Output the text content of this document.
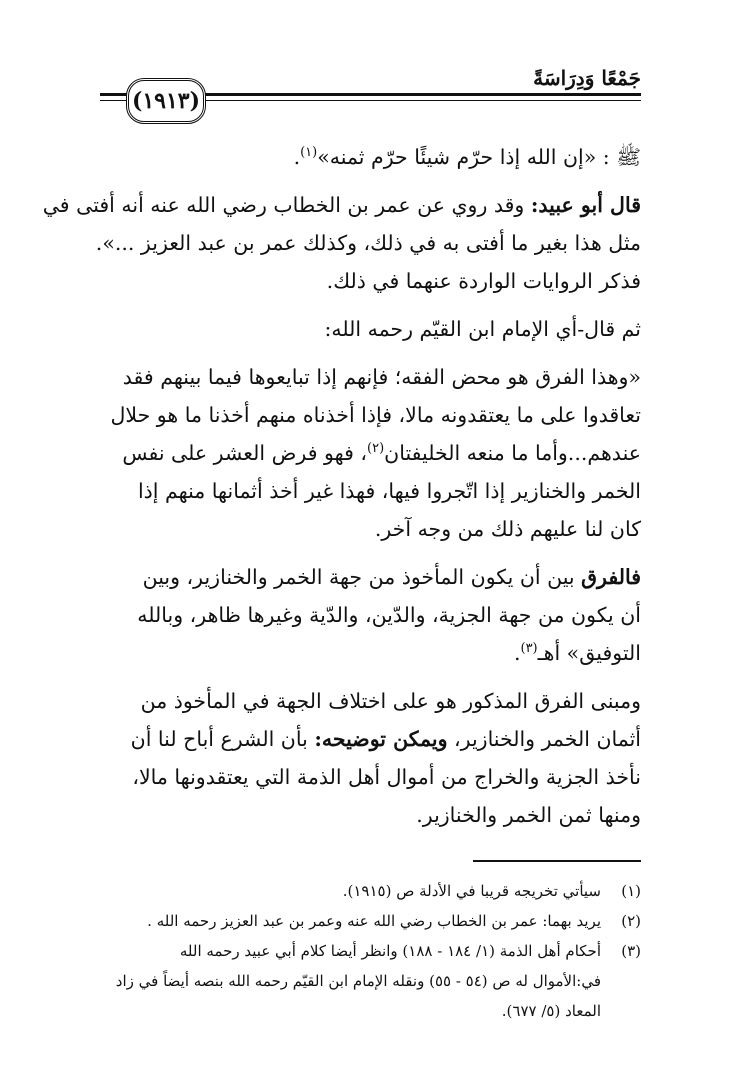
جَمْعًا وَدِرَاسَةً
(١٩١٣)
ﷺ : «إن الله إذا حرّم شيئًا حرّم ثمنه»$^{(١)}$.
قال أبو عبيد: وقد روي عن عمر بن الخطاب رضي الله عنه أنه أفتى في
مثل هذا بغير ما أفتى به في ذلك، وكذلك عمر بن عبد العزيز ...».
فذكر الروايات الواردة عنهما في ذلك.
ثم قال-أي الإمام ابن القيّم رحمه الله:
«وهذا الفرق هو محض الفقه؛ فإنهم إذا تبايعوها فيما بينهم فقد
تعاقدوا على ما يعتقدونه مالا، فإذا أخذناه منهم أخذنا ما هو حلال
عندهم...وأما ما منعه الخليفتان$^{(٢)}$، فهو فرض العشر على نفس
الخمر والخنازير إذا اتّجروا فيها، فهذا غير أخذ أثمانها منهم إذا
كان لنا عليهم ذلك من وجه آخر.
فالفرق بين أن يكون المأخوذ من جهة الخمر والخنازير، وبين
أن يكون من جهة الجزية، والدّين، والدّية وغيرها ظاهر، وبالله
التوفيق» أهـ$^{(٣)}$.
ومبنى الفرق المذكور هو على اختلاف الجهة في المأخوذ من
أثمان الخمر والخنازير، ويمكن توضيحه: بأن الشرع أباح لنا أن
نأخذ الجزية والخراج من أموال أهل الذمة التي يعتقدونها مالا،
ومنها ثمن الخمر والخنازير.
(١)
سيأتي تخريجه قريبا في الأدلة ص (١٩١٥).
(٢)
يريد بهما: عمر بن الخطاب رضي الله عنه وعمر بن عبد العزيز رحمه الله .
(٣)
أحكام أهل الذمة (١/ ١٨٤ - ١٨٨) وانظر أيضا كلام أبي عبيد رحمه الله
في:الأموال له ص (٥٤ - ٥٥) ونقله الإمام ابن القيّم رحمه الله بنصه أيضاً في زاد
المعاد (٥/ ٦٧٧).
